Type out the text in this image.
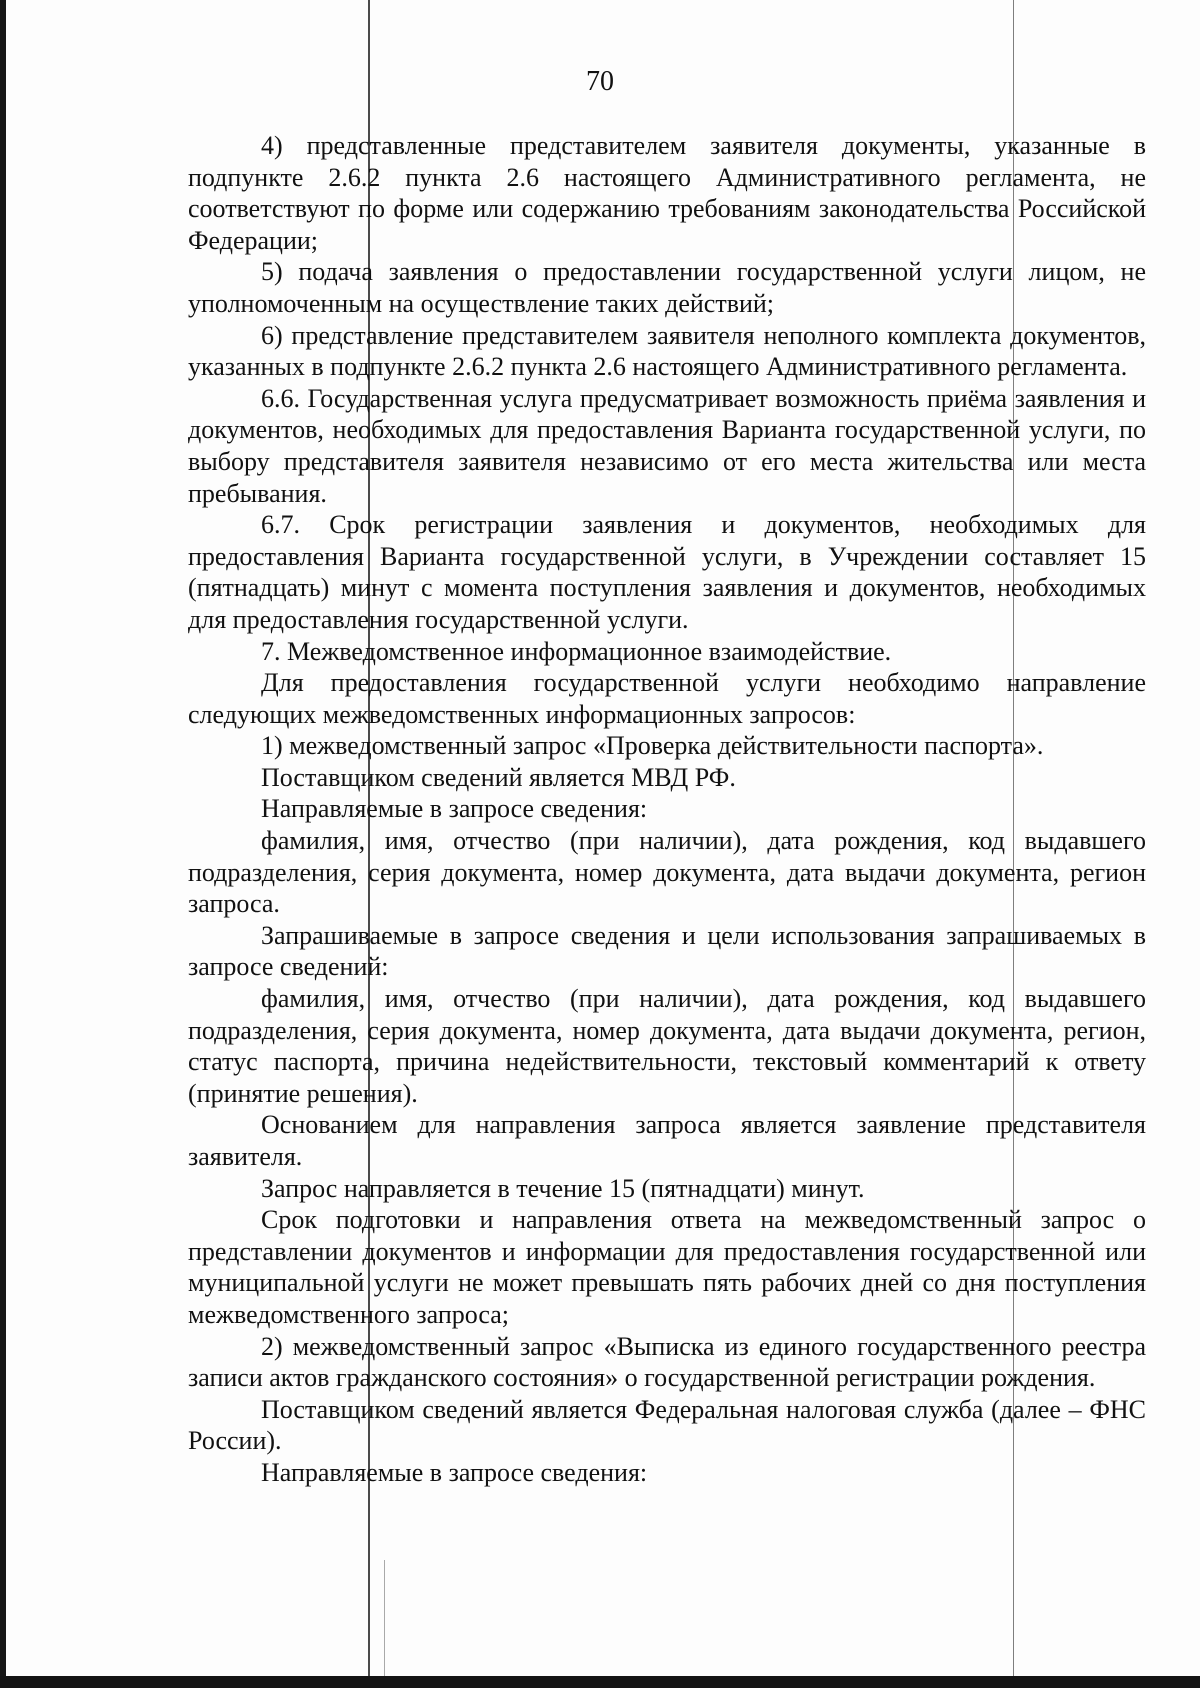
70

4) представленные представителем заявителя документы, указанные в подпункте 2.6.2 пункта 2.6 настоящего Административного регламента, не соответствуют по форме или содержанию требованиям законодательства Российской Федерации;

5) подача заявления о предоставлении государственной услуги лицом, не уполномоченным на осуществление таких действий;

6) представление представителем заявителя неполного комплекта документов, указанных в подпункте 2.6.2 пункта 2.6 настоящего Административного регламента.

6.6. Государственная услуга предусматривает возможность приёма заявления и документов, необходимых для предоставления Варианта государственной услуги, по выбору представителя заявителя независимо от его места жительства или места пребывания.

6.7. Срок регистрации заявления и документов, необходимых для предоставления Варианта государственной услуги, в Учреждении составляет 15 (пятнадцать) минут с момента поступления заявления и документов, необходимых для предоставления государственной услуги.

7. Межведомственное информационное взаимодействие.

Для предоставления государственной услуги необходимо направление следующих межведомственных информационных запросов:

1) межведомственный запрос «Проверка действительности паспорта».

Поставщиком сведений является МВД РФ.

Направляемые в запросе сведения:

фамилия, имя, отчество (при наличии), дата рождения, код выдавшего подразделения, серия документа, номер документа, дата выдачи документа, регион запроса.

Запрашиваемые в запросе сведения и цели использования запрашиваемых в запросе сведений:

фамилия, имя, отчество (при наличии), дата рождения, код выдавшего подразделения, серия документа, номер документа, дата выдачи документа, регион, статус паспорта, причина недействительности, текстовый комментарий к ответу (принятие решения).

Основанием для направления запроса является заявление представителя заявителя.

Запрос направляется в течение 15 (пятнадцати) минут.

Срок подготовки и направления ответа на межведомственный запрос о представлении документов и информации для предоставления государственной или муниципальной услуги не может превышать пять рабочих дней со дня поступления межведомственного запроса;

2) межведомственный запрос «Выписка из единого государственного реестра записи актов гражданского состояния» о государственной регистрации рождения.

Поставщиком сведений является Федеральная налоговая служба (далее – ФНС России).

Направляемые в запросе сведения:
